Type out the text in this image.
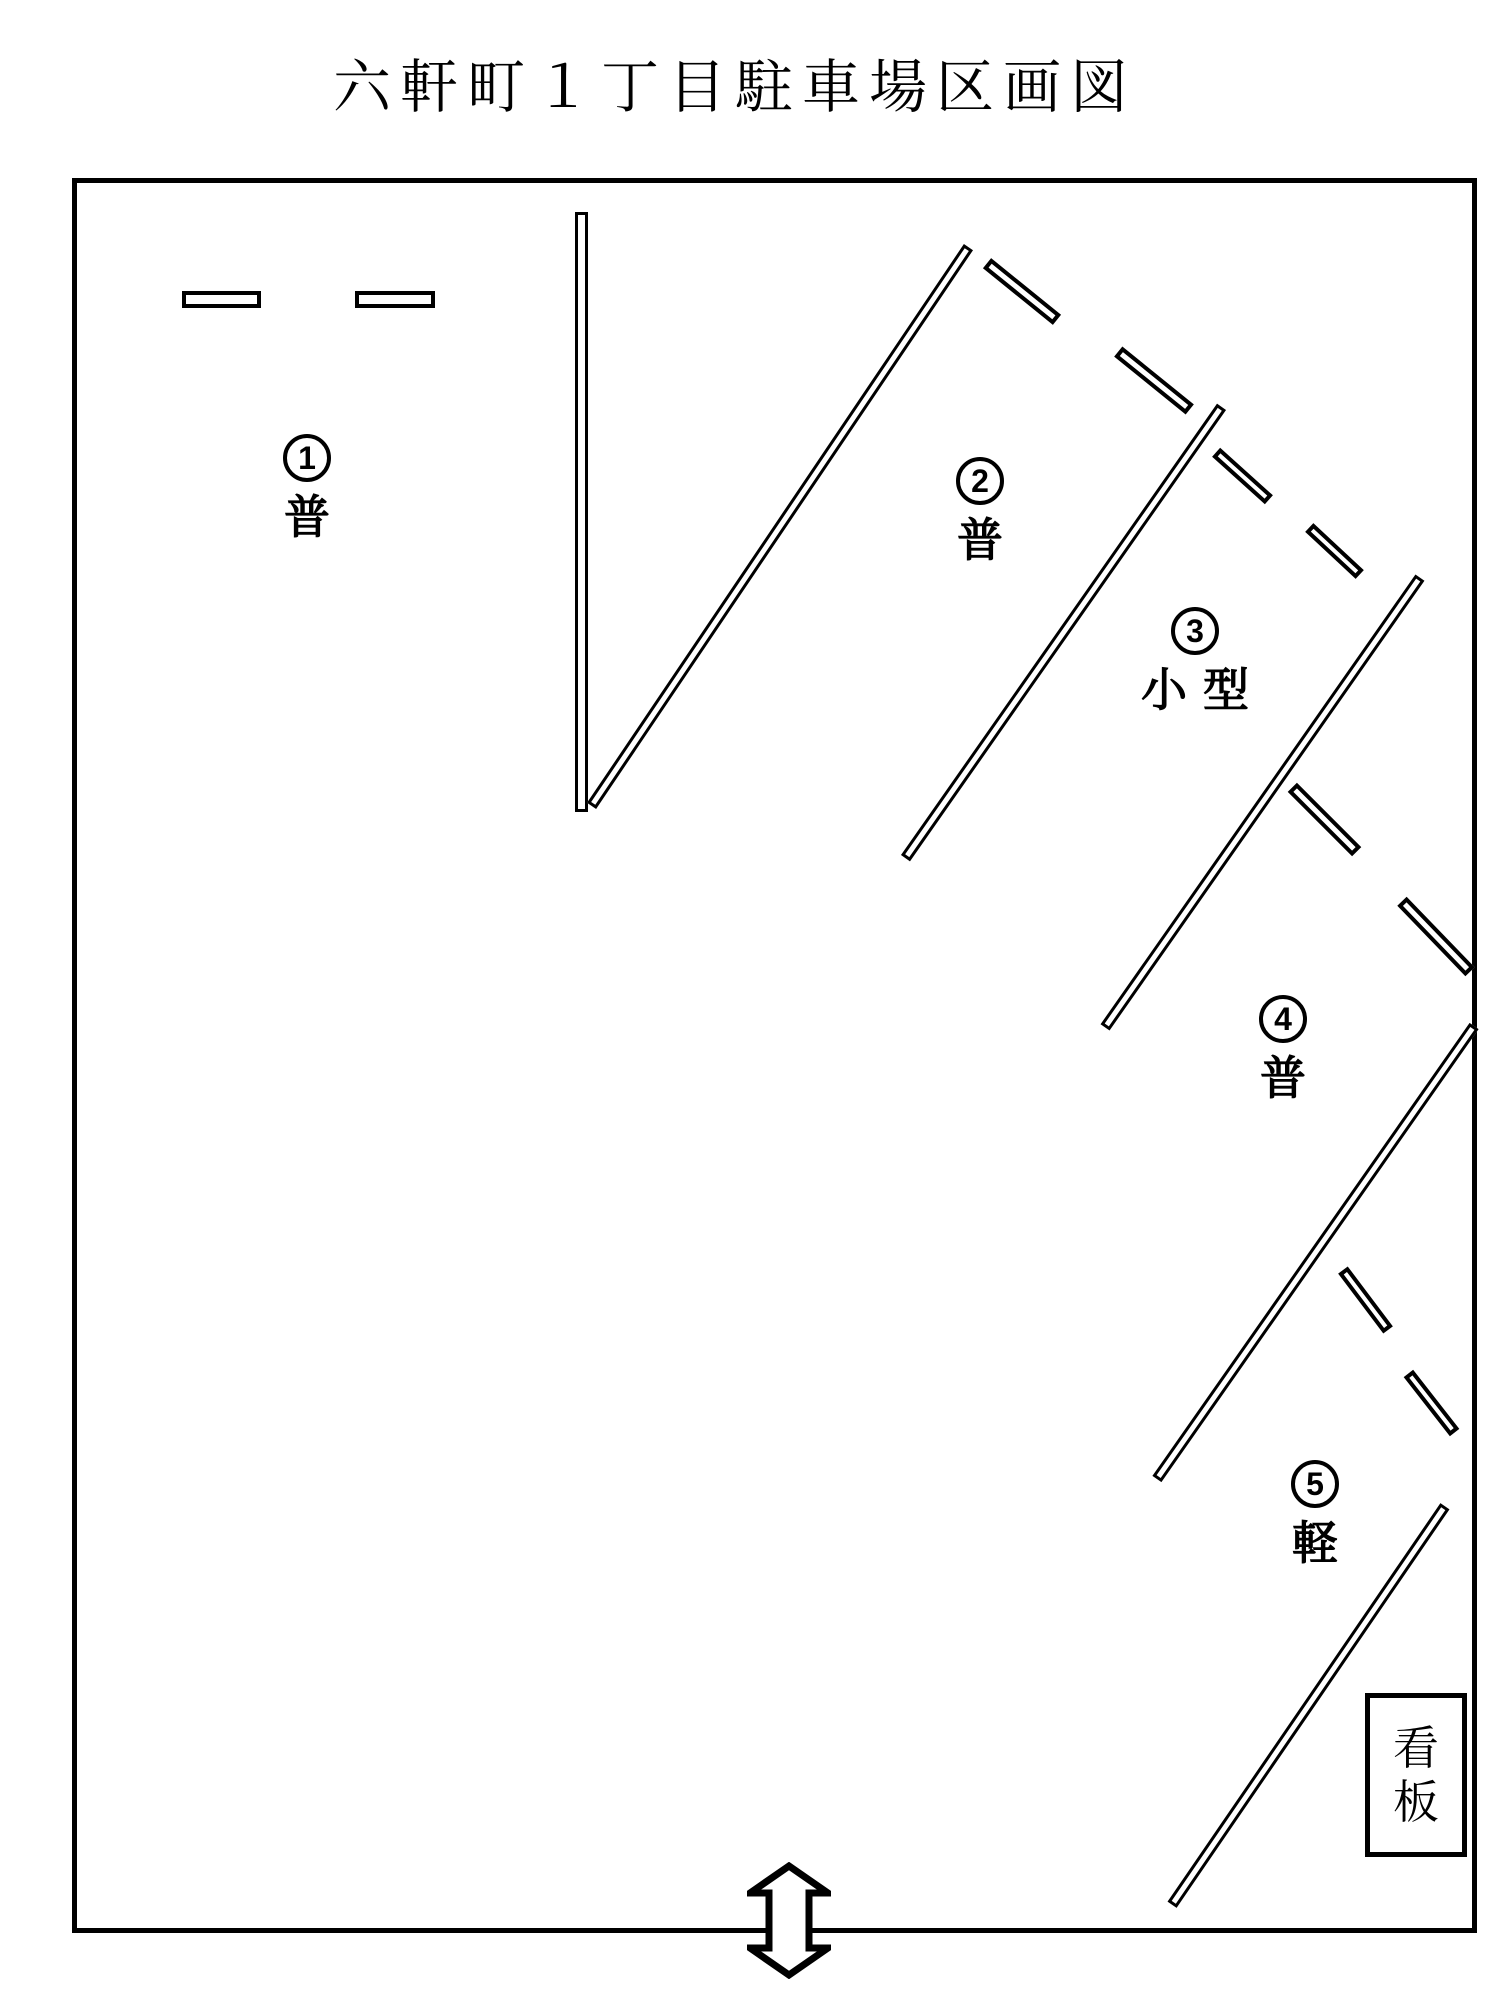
六軒町１丁目駐車場区画図
1
普
2
普
3
小型
4
普
5
軽
看板
